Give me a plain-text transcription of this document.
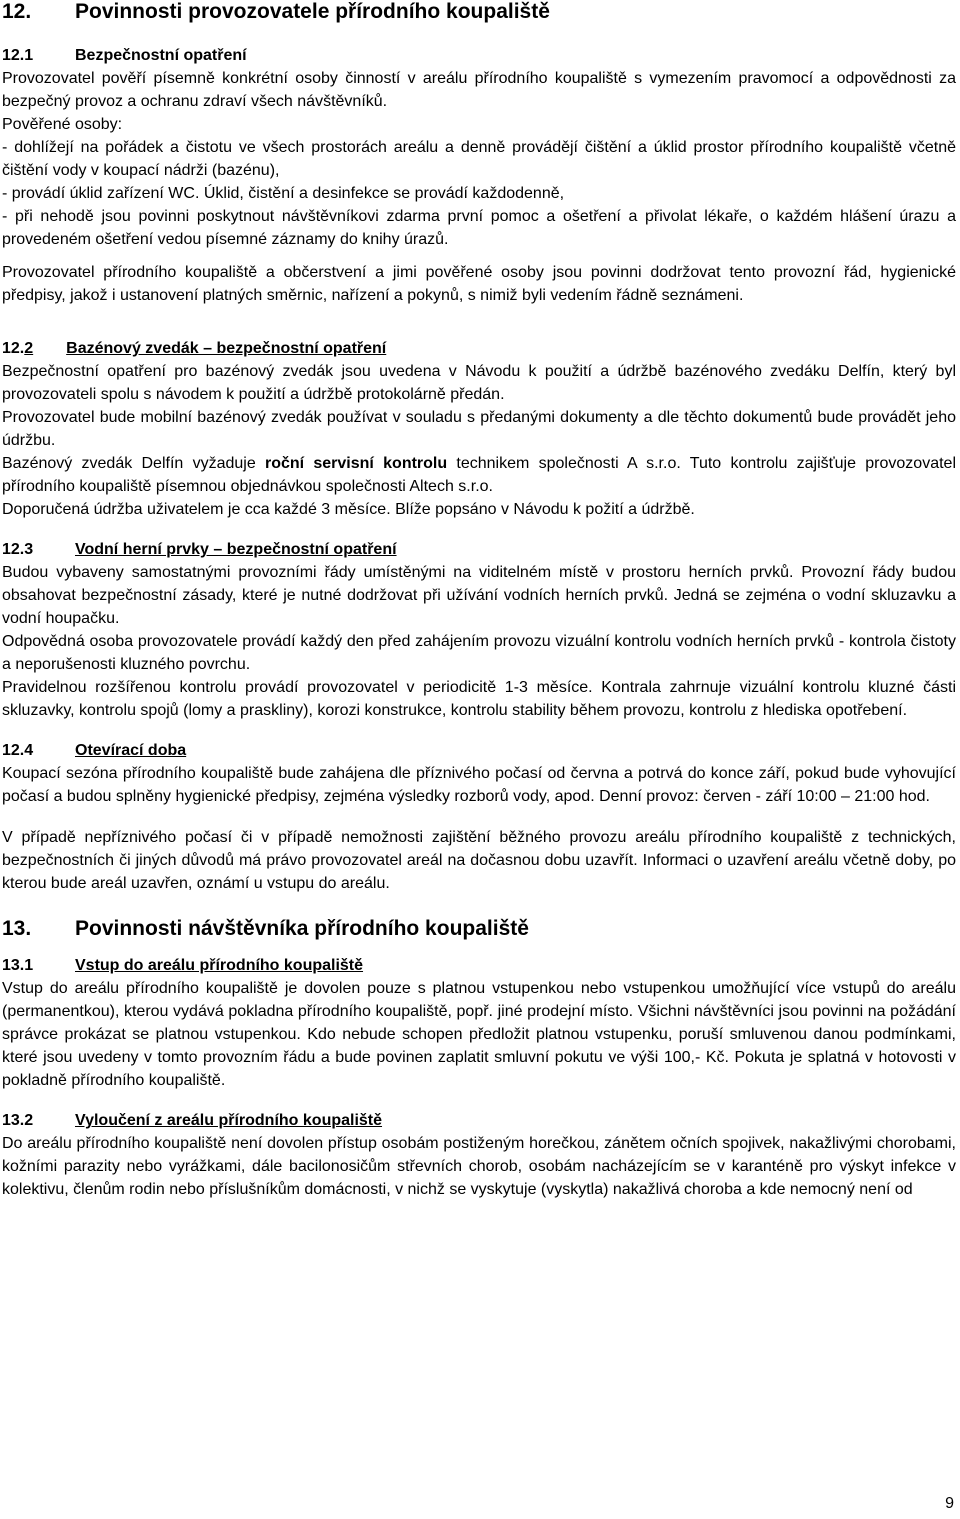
12.	Povinnosti provozovatele přírodního koupaliště
12.1	Bezpečnostní opatření

Provozovatel pověří písemně konkrétní osoby činností v areálu přírodního koupaliště s vymezením pravomocí a odpovědnosti za bezpečný provoz a ochranu zdraví všech návštěvníků.

Pověřené osoby:

- dohlížejí na pořádek a čistotu ve všech prostorách areálu a denně provádějí čištění a úklid prostor přírodního koupaliště včetně čištění vody v koupací nádrži (bazénu),

- provádí úklid zařízení WC. Úklid, čistění a desinfekce se provádí každodenně,

- při nehodě jsou povinni poskytnout návštěvníkovi zdarma první pomoc a ošetření a přivolat lékaře, o každém hlášení úrazu a provedeném ošetření vedou písemné záznamy do knihy úrazů.

Provozovatel přírodního koupaliště a občerstvení a jimi pověřené osoby jsou povinni dodržovat tento provozní řád, hygienické předpisy, jakož i ustanovení platných směrnic, nařízení a pokynů, s nimiž byli vedením řádně seznámeni.

12.2 Bazénový zvedák – bezpečnostní opatření

Bezpečnostní opatření pro bazénový zvedák jsou uvedena v Návodu k použití a údržbě bazénového zvedáku Delfín, který byl provozovateli spolu s návodem k použití a údržbě protokolárně předán.

Provozovatel bude mobilní bazénový zvedák používat v souladu s předanými dokumenty a dle těchto dokumentů bude provádět jeho údržbu.

Bazénový zvedák Delfín vyžaduje roční servisní kontrolu technikem společnosti A s.r.o. Tuto kontrolu zajišťuje provozovatel přírodního koupaliště písemnou objednávkou společnosti Altech s.r.o.

Doporučená údržba uživatelem je cca každé 3 měsíce. Blíže popsáno v Návodu k požití a údržbě.

12.3	Vodní herní prvky – bezpečnostní opatření

Budou vybaveny samostatnými provozními řády umístěnými na viditelném místě v prostoru herních prvků. Provozní řády budou obsahovat bezpečnostní zásady, které je nutné dodržovat při užívání vodních herních prvků. Jedná se zejména o vodní skluzavku a vodní houpačku.

Odpovědná osoba provozovatele provádí každý den před zahájením provozu vizuální kontrolu vodních herních prvků - kontrola čistoty a neporušenosti kluzného povrchu.

Pravidelnou rozšířenou kontrolu provádí provozovatel v periodicitě 1-3 měsíce. Kontrala zahrnuje vizuální kontrolu kluzné části skluzavky, kontrolu spojů (lomy a praskliny), korozi konstrukce, kontrolu stability během provozu, kontrolu z hlediska opotřebení.

12.4	Otevírací doba

Koupací sezóna přírodního koupaliště bude zahájena dle příznivého počasí od června a potrvá do konce září, pokud bude vyhovující počasí a budou splněny hygienické předpisy, zejména výsledky rozborů vody, apod. Denní provoz: červen - září 10:00 – 21:00 hod.

V případě nepříznivého počasí či v případě nemožnosti zajištění běžného provozu areálu přírodního koupaliště z technických, bezpečnostních či jiných důvodů má právo provozovatel areál na dočasnou dobu uzavřít. Informaci o uzavření areálu včetně doby, po kterou bude areál uzavřen, oznámí u vstupu do areálu.

13.	Povinnosti návštěvníka přírodního koupaliště
13.1	Vstup do areálu přírodního koupaliště

Vstup do areálu přírodního koupaliště je dovolen pouze s platnou vstupenkou nebo vstupenkou umožňující více vstupů do areálu (permanentkou), kterou vydává pokladna přírodního koupaliště, popř. jiné prodejní místo. Všichni návštěvníci jsou povinni na požádání správce prokázat se platnou vstupenkou. Kdo nebude schopen předložit platnou vstupenku, poruší smluvenou danou podmínkami, které jsou uvedeny v tomto provozním řádu a bude povinen zaplatit smluvní pokutu ve výši 100,- Kč. Pokuta je splatná v hotovosti v pokladně přírodního koupaliště.

13.2	Vyloučení z areálu přírodního koupaliště

Do areálu přírodního koupaliště není dovolen přístup osobám postiženým horečkou, zánětem očních spojivek, nakažlivými chorobami, kožními parazity nebo vyrážkami, dále bacilonosičům střevních chorob, osobám nacházejícím se v karanténě pro výskyt infekce v kolektivu, členům rodin nebo příslušníkům domácnosti, v nichž se vyskytuje (vyskytla) nakažlivá choroba a kde nemocný není od

9
